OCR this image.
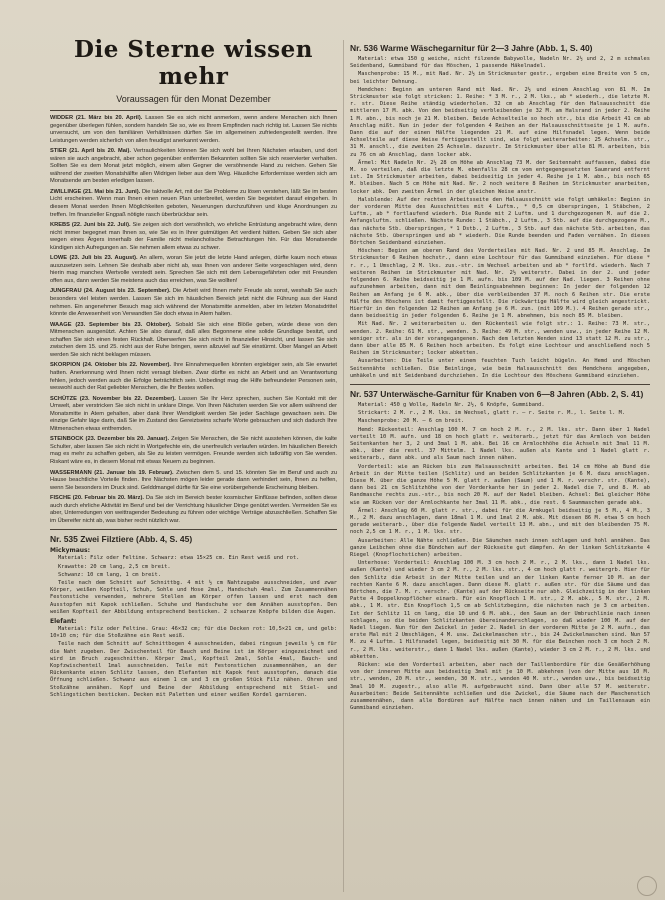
Die Sterne wissen mehr
Voraussagen für den Monat Dezember

WIDDER (21. März bis 20. April). Lassen Sie es sich nicht anmerken, wenn andere Menschen sich Ihnen gegenüber überlegen fühlen, sondern handeln Sie so, wie es Ihrem Empfinden nach richtig ist. Lassen Sie nichts unversucht, um von den familiären Verhältnissen dürften Sie im allgemeinen zufriedengestellt werden. Ihre Leistungen werden sicherlich von allen freudigst anerkannt werden.

STIER (21. April bis 20. Mai). Vertraulichkeiten können Sie sich wohl bei Ihren Nächsten erlauben, und dort wären sie auch angebracht, aber schon gegenüber entfernten Bekannten sollten Sie sich reservierter verhalten. Sollten Sie es dem Monat jetzt möglich, einem alten Gegner die versöhnende Hand zu reichen. Gehen Sie während der zweiten Monatshälfte allen Widrigen lieber aus dem Weg. Häusliche Erfordernisse werden sich am Monatsende am besten erledigen lassen.

ZWILLINGE (21. Mai bis 21. Juni). Die taktvolle Art, mit der Sie Probleme zu lösen verstehen, läßt Sie im besten Licht erscheinen. Wenn man Ihnen einen neuen Plan unterbreitet, werden Sie begeistert darauf eingehen. In diesem Monat werden Ihnen Möglichkeiten geboten, Neuerungen durchzuführen und kluge Anordnungen zu treffen. Im finanzieller Engpaß nötigte rasch überbrückbar sein.

KREBS (22. Juni bis 22. Juli). Sie zeigen sich dort versöhnlich, wo ehrliche Entrüstung angebracht wäre, denn nicht immer begegnet man Ihnen so, wie Sie es in Ihrer gutmütigen Art verdient hätten. Geben Sie sich aber wegen eines Ärgers innerhalb der Familie nicht melancholische Betrachtungen hin. Für das Monatsende kündigen sich Aufregungen an. Sie nehmen allem etwas zu schwer.

LOWE (23. Juli bis 23. August). An allem, woran Sie jetzt die letzte Hand anlegen, dürfte kaum noch etwas auszusetzen sein. Lehnen Sie deshalb aber nicht ab, was Ihnen von anderer Seite vorgeschlagen wird, denn hierin mag manches Wertvolle verstedt sein. Sprechen Sie sich mit dem Lebensgefährten oder mit Freunden offen aus, dann werden Sie meistens auch das erreichen, was Sie wollten!

JUNGFRAU (24. August bis 23. September). Die Arbeit wird Ihnen mehr Freude als sonst, weshalb Sie auch besonders viel leisten werden. Lassen Sie sich im häuslichen Bereich jetzt nicht die Führung aus der Hand nehmen. Ein angenehmer Besuch mag sich während der Monatsmitte anmelden, aber im letzten Monatsdrittel könnte die Anwesenheit von Verwandten Sie doch etwas in Atem halten.

WAAGE (23. September bis 23. Oktober). Sobald Sie sich eine Blöße geben, würde diese von den Mitmenschen ausgenützt. Achten Sie also darauf, daß alles Begonnene eine solide Grundlage besitzt, und schaffen Sie sich einen festen Rückhalt. Überwerfen Sie sich nicht in finanzieller Hinsicht, und lassen Sie sich zwischen dem 15. und 25. nicht aus der Ruhe bringen, wenn allzuviel auf Sie einstürmt. Über Mangel an Arbeit werden Sie sich nicht beklagen müssen.

SKORPION (24. Oktober bis 22. November). Ihre Einnahmequellen könnten ergiebiger sein, als Sie erwartet hatten. Anerkennung wird Ihnen nicht versagt bleiben. Zwar dürfte es nicht an Arbeit und an Verantwortung fehlen, jedoch werden auch die Erfolge beträchtlich sein. Unbedingt mag die Hilfe befreundeter Personen sein, weswohl auch der Rat geliebter Menschen, die Ihr Bestes wollen.

SCHÜTZE (23. November bis 22. Dezember). Lassen Sie Ihr Herz sprechen, suchen Sie Kontakt mit der Umwelt, aber verstricken Sie sich nicht in unklare Dinge. Von Ihren Nächsten werden Sie vor allem während der Monatsmitte in Atem gehalten, aber dank Ihrer Wendigkeit werden Sie jeder Sachlage gewachsen sein. Die einzige Gefahr läge darin, daß Sie im Zustand des Gereiztseins scharfe Worte gebrauchen und sich dadurch Ihre Mitmenschen etwas entfremden.

STEINBOCK (23. Dezember bis 20. Januar). Zeigen Sie Menschen, die Sie nicht ausstehen können, die kalte Schulter, aber lassen Sie sich nicht in Wortgefechte ein, die unerfreulich verlaufen würden. Im häuslichen Bereich mag es mehr zu schaffen geben, als Sie zu leisten vermögen. Freunde werden sich tatkräftig von Sie wenden. Riskant wäre es, in diesem Monat mit etwas Neuem zu beginnen.

WASSERMANN (21. Januar bis 19. Februar). Zwischen dem 5. und 15. könnten Sie im Beruf und auch zu Hause beachtliche Vorteile finden. Ihre Nächsten mögen leider gerade dann verhindert sein, Ihnen zu helfen, wenn Sie besonders im Druck sind. Gelddmangel dürfte für Sie eine vorübergehende Erscheinung bleiben.

FISCHE (20. Februar bis 20. März). Da Sie sich im Bereich bester kosmischer Einflüsse befinden, sollten diese auch durch ehrliche Aktivität im Beruf und bei der Verrichtung häuslicher Dinge genützt werden. Vermeiden Sie es aber, Unterredungen von weittragender Bedeutung zu führen oder wichtige Verträge abzuschließen. Schaffen Sie im Übereifer nicht ab, was bisher recht nützlich war.

Nr. 535 Zwei Filztiere (Abb. 4, S. 45)
Mickymaus:

Material: Filz oder Feltine. Schwarz: etwa 15×25 cm. Ein Rest weiß und rot.

Krawatte: 20 cm lang, 2,5 cm breit.

Schwanz: 10 cm lang, 1 cm breit.

Teile nach dem Schnitt auf Schnittbg. 4 mit ½ cm Nahtzugabe ausschneiden, und zwar Körper, weißen Kopfteil, Schuh, Sohle und Hose 2mal, Handschuh 4mal. Zum Zusammennähen Festonstiche verwenden, mehrere Stellen am Körper offen lassen und erst nach dem Ausstopfen mit Kapok schließen. Schuhe und Handschuhe vor dem Annähen ausstopfen. Den weißen Kopfteil der Abbildung entsprechend besticken. 2 schwarze Knöpfe bilden die Augen.

Elefant:

Material: Filz oder Feltine. Grau: 46×32 cm; für die Decken rot: 10,5×21 cm, und gelb: 10×10 cm; für die Stoßzähne ein Rest weiß.

Teile nach dem Schnitt auf Schnittbogen 4 ausschneiden, dabei ringsum jeweils ½ cm für die Naht zugeben. Der Zwischenteil für Bauch und Beine ist im Körper eingezeichnet und wird im Bruch zugeschnitten. Körper 2mal, Kopfteil 2mal, Sohle 4mal, Bauch- und Kopfzwischenteil 1mal ausschneiden. Teile mit Festonstichen zusammennähen, an der Rückenkante einen Schlitz lassen, den Elefanten mit Kapok fest ausstopfen, danach die Öffnung schließen. Schwanz aus einem 1 cm und 3 cm großen Stück Filz nähen. Ohren und Stoßzähne annähen. Kopf und Beine der Abbildung entsprechend mit Stiel- und Schlingstichen besticken. Decken mit Paletten und einer weißen Kordel garnieren.

Nr. 536 Warme Wäschegarnitur für 2—3 Jahre (Abb. 1, S. 40)

Material: etwa 150 g weiche, nicht filzende Babywolle, Nadeln Nr. 2½ und 2, 2 m schmales Seidenband, Gummiband für das Höschen, 1 passende Häkelnadel.

Maschenprobe: 15 M., mit Nad. Nr. 2½ im Strickmuster gestr., ergeben eine Breite von 5 cm, bei leichter Dehnung.

Hemdchen: Beginn am unteren Rand mit Nad. Nr. 2½ und einem Anschlag von 81 M. Im Strickmuster wie folgt stricken: 1. Reihe: * 3 M. r., 2 M. lks., ab * wiederh., die letzte M. r. str. Diese Reihe ständig wiederholen. 32 cm ab Anschlag für den Halsausschnitt die mittleren 17 M. abk. Von den beidseitig verbleibenden je 32 M. am Halsrand in jeder 2. Reihe 1 M. abn., bis noch je 21 M. bleiben. Beide Achselteile so hoch str., bis die Arbeit 41 cm ab Anschlag mißt. Nun in jeder der folgenden 4 Reihen an der Halsausschnittseite je 1 M. aufn. Dann die auf der einen Hälfte liegenden 21 M. auf eine Hilfsnadel legen. Wenn beide Achselteile auf diese Weise fertiggestellt sind, wie folgt weiterarbeiten: 25 Achselm. str., 31 M. anschl., die zweiten 25 Achselm. dazustr. Im Strickmuster über alle 81 M. arbeiten, bis zu 76 cm ab Anschlag, dann locker abk.

Ärmel: Mit Nadeln Nr. 2½ 28 cm Höhe ab Anschlag 73 M. der Seitennaht auffassen, dabei die M. so verteilen, daß die letzte M. ebenfalls 28 cm vom entgegengesetzten Saumrand entfernt ist. Im Strickmuster arbeiten, dabei beidseitig in jeder 4. Reihe je 1 M. abn., bis noch 65 M. bleiben. Nach 5 cm Höhe mit Nad. Nr. 2 noch weitere 8 Reihen im Strickmuster anarbeiten, locker abk. Den zweiten Ärmel in der gleichen Weise anstr.

Halsblende: Auf der rechten Arbeitsseite den Halsausschnitt wie folgt umhäkeln: Beginn in der vorderen Mitte des Ausschnittes mit 4 Luftm., * 0,5 cm überspringen, 1 Stäbchen, 2 Luftm., ab * fortlaufend wiederh. Die Runde mit 2 Luftm. und 1 durchgezogenen M. auf die 2. Anfangsluftm. schließen. Nächste Runde: 1 Stäbch., 2 Luftm., 3 Stb. auf die durchgezogene M., das nächste Stb. überspringen, * 1 Dstb., 2 Luftm., 3 Stb. auf das nächste Stb. arbeiten, das nächste Stb. überspringen und ab * wiederh. Die Runde beenden und Faden vernähen. In dieses Börtchen Seidenband einziehen.

Höschen: Beginn am oberen Rand des Vorderteiles mit Nad. Nr. 2 und 85 M. Anschlag. Im Strickmuster 6 Reihen hochstr., dann eine Lochtour für das Gummiband einziehen. Für diese * r. r., 1 Umschlag, 2 M. lks. zus.-str. im Wechsel arbeiten und ab * fortlfd. wiederh. Nach 7 weiteren Reihen im Strickmuster mit Nad. Nr. 2½ weiterstr. Dabei in der 2. und jeder folgenden 6. Reihe beidseitig je 1 M. aufn. bis 109 M. auf der Nad. liegen. 3 Reihen ohne aufzunehmen arbeiten, dann mit dem Beinlingsabnehmen beginnen: In jeder der folgenden 12 Reihen am Anfang je 6 M. abk., über die verbleibenden 37 M. noch 6 Reihen str. Die erste Hälfte des Höschens ist damit fertiggestellt. Die rückwärtige Hälfte wird gleich angestrickt. Hierfür in den folgenden 12 Reihen am Anfang je 6 M. zun. (mit 109 M.). 4 Reihen gerade str., dann beidseitig in jeder folgenden 6. Reihe je 1 M. abnehmen, bis noch 85 M. bleiben.

Mit Nad. Nr. 2 weiterarbeiten u. den Rückenteil wie folgt str.: 1. Reihe: 73 M. str., wenden. 2. Reihe: 61 M. str., wenden. 3. Reihe: 49 M. str., wenden usw., in jeder Reihe 12 M. weniger str. als in der vorangegangenen. Nach dem letzten Wenden sind 13 statt 12 M. zu str., dann über alle 85 M. 6 Reihen hoch arbeiten. Es folgt eine Lochtour und anschließend noch 5 Reihen im Strickmuster; locker abketten.

Ausarbeiten: Die Teile unter einem feuchten Tuch leicht bügeln. An Hemd und Höschen Seitennähte schließen. Die Beinlinge, wie beim Halsausschnitt des Hemdchens angegeben, umhäkeln und mit Seidenband durchziehen. In die Lochtour des Höschens Gummiband einziehen.

Nr. 537 Unterwäsche-Garnitur für Knaben von 6—8 Jahren (Abb. 2, S. 41)

Material: 450 g Wolle, Nadeln Nr. 2½, 6 Knöpfe, Gummiband.

Strickart: 2 M. r., 2 M. lks. im Wechsel, glatt r. — r. Seite r. M., l. Seite l. M.

Maschenprobe: 20 M. — 6 cm breit.

Hemd: Rückenteil: Anschlag 100 M. 7 cm hoch 2 M. r., 2 M. lks. str. Dann über 1 Nadel verteilt 10 M. aufn. und 18 cm hoch glatt r. weiterarb., jetzt für das Armloch von beiden Seitenkanten her 3, 2 und 3mal 1 M. abk. Bei 16 cm Armlochhöhe die Achseln mit 3mal 11 M. abk., über die restl. 37 Mittelm. 1 Nadel lks. außen als Kante und 1 Nadel glatt r. weiterarb., dann abk. und als Saum nach innen nähen.

Vorderteil: wie am Rücken bis zum Halsausschnitt arbeiten. Bei 14 cm Höhe ab Bund die Arbeit in der Mitte teilen (Schlitz) und an beiden Schlitzkanten je 6 M. dazu anschlagen. Diese M. über die ganze Höhe 5 M. glatt r. außen (Saum) und 1 M. r. verschr. str. (Kante), dann bei 21 cm Schlitzhöhe von der Vorderkante her in jeder 2. Nadel die 7, und 8. M. ab Randmasche rechts zus.-str., bis noch 20 M. auf der Nadel bleiben. Achsel: Bei gleicher Höhe wie am Rücken vor der Armlochkante her 3mal 11 M. abk., die rest. 6 Saummaschen gerade abk.

Ärmel: Anschlag 60 M. glatt r. str., dabei für die Armkugel beidseitig je 5 M., 4 M., 3 M., 2 M. dazu anschlagen, dann 18mal 1 M. und 1mal 2 M. abk. Mit diesen 86 M. etwa 5 cm hoch gerade weiterarb., über die folgende Nadel verteilt 13 M. abn., und mit den bleibenden 75 M. noch 2,5 cm 1 M. r., 1 M. lks. str.

Ausarbeiten: Alle Nähte schließen. Die Säumchen nach innen schlagen und hohl annähen. Das ganze Leibchen ohne die Bündchen auf der Rückseite gut dämpfen. An der linken Schlitzkante 4 Riegel (Knopflochstichen) arbeiten.

Unterhose: Vorderteil: Anschlag 100 M. 3 cm hoch 2 M. r., 2 M. lks., dann 1 Nadel lks. außen (Kante) und wieder 3 cm 2 M. r., 2 M. lks. str., 4 cm hoch glatt r. weitergrb. Hier für den Schlitz die Arbeit in der Mitte teilen und an der linken Kante ferner 10 M. an der rechten Kante 6 M. dazu anschlagen. Dann diese M. glatt r. außen str. für die Säume und das Börtchen, die 7. M. r. verschr. (Kante) auf der Rückseite nur abh. Gleichzeitig in der linken Patte 4 Doppelknopflöcher einarb. Für ein Knopfloch 1 M. str., 2 M. abk., 5 M. str., 2 M. abk., 1 M. str. Ein Knopfloch 1,5 cm ab Schlitzbeginn, die nächsten nach je 3 cm arbeiten. Ist der Schlitz 11 cm lang, die 10 und 6 M. abk., den Saum an der Umbruchlinie nach innen schlagen, so die beiden Schlitzkanten übereinanderschlagen, so daß wieder 100 M. auf der Nadel liegen. Nun für den Zwickel in jeder 2. Nadel in der vorderen Mitte je 2 M. aufn., das erste Mal mit 2 Umschlägen, 4 M. usw. Zwickelmaschen str., bis 24 Zwickelmaschen sind. Nun 57 M. zu 4 Luftm. 1 Hilfsnadel legen, beidseitig mit 30 M. für die Beinchen noch 3 cm hoch 2 M. r., 2 M. lks. weiterstr., dann 1 Nadel lks. außen (Kante), wieder 3 cm 2 M. r., 2 M. lks. und abketten.

Rücken: wie den Vorderteil arbeiten, aber nach der Taillenbordüre für die Gesäßerhöhung von der inneren Mitte aus beidseitig 3mal mit je 10 M. abkehren (von der Mitte aus 10 M. str., wenden, 20 M. str., wenden, 30 M. str., wenden 40 M. str., wenden usw., bis beidseitig 3mal 10 M. zugestr., also alle M. aufgebraucht sind. Dann über alle 57 M. weiterstr. Ausarbeiten: Beide Seitennähte schließen und die Zwickel, die Säume nach der Maschenstich zusammennähen, dann alle Bordüren auf Hälfte nach innen nähen und im Taillensaum ein Gummiband einziehen.
